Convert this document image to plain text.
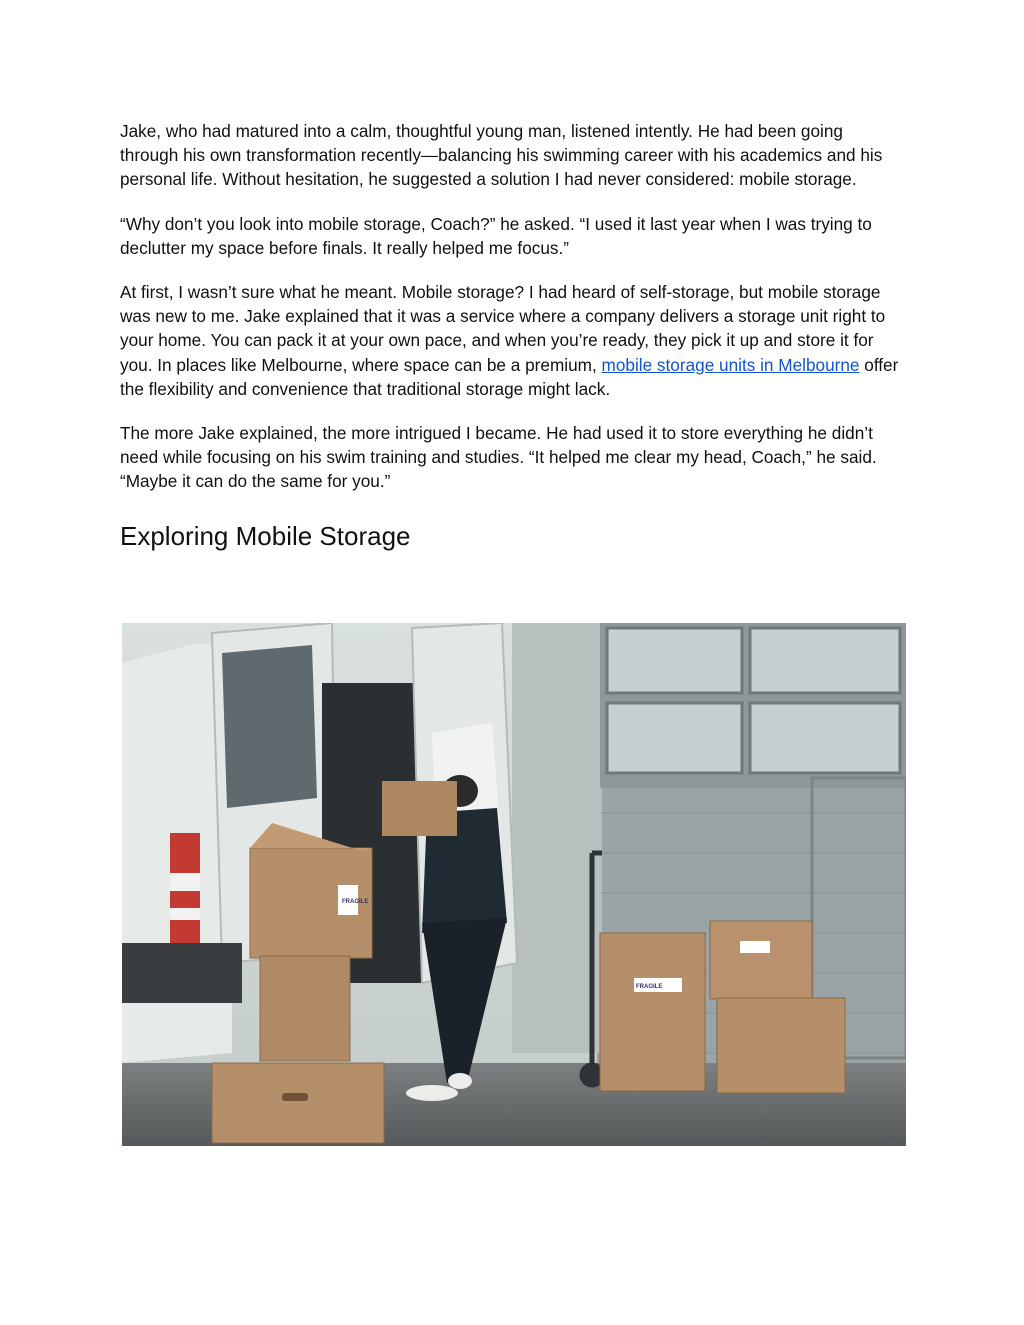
Jake, who had matured into a calm, thoughtful young man, listened intently. He had been going through his own transformation recently—balancing his swimming career with his academics and his personal life. Without hesitation, he suggested a solution I had never considered: mobile storage.

“Why don’t you look into mobile storage, Coach?” he asked. “I used it last year when I was trying to declutter my space before finals. It really helped me focus.”

At first, I wasn’t sure what he meant. Mobile storage? I had heard of self-storage, but mobile storage was new to me. Jake explained that it was a service where a company delivers a storage unit right to your home. You can pack it at your own pace, and when you’re ready, they pick it up and store it for you. In places like Melbourne, where space can be a premium, mobile storage units in Melbourne offer the flexibility and convenience that traditional storage might lack.

The more Jake explained, the more intrigued I became. He had used it to store everything he didn’t need while focusing on his swim training and studies. “It helped me clear my head, Coach,” he said. “Maybe it can do the same for you.”

Exploring Mobile Storage
FRAGILE
FRAGILE
